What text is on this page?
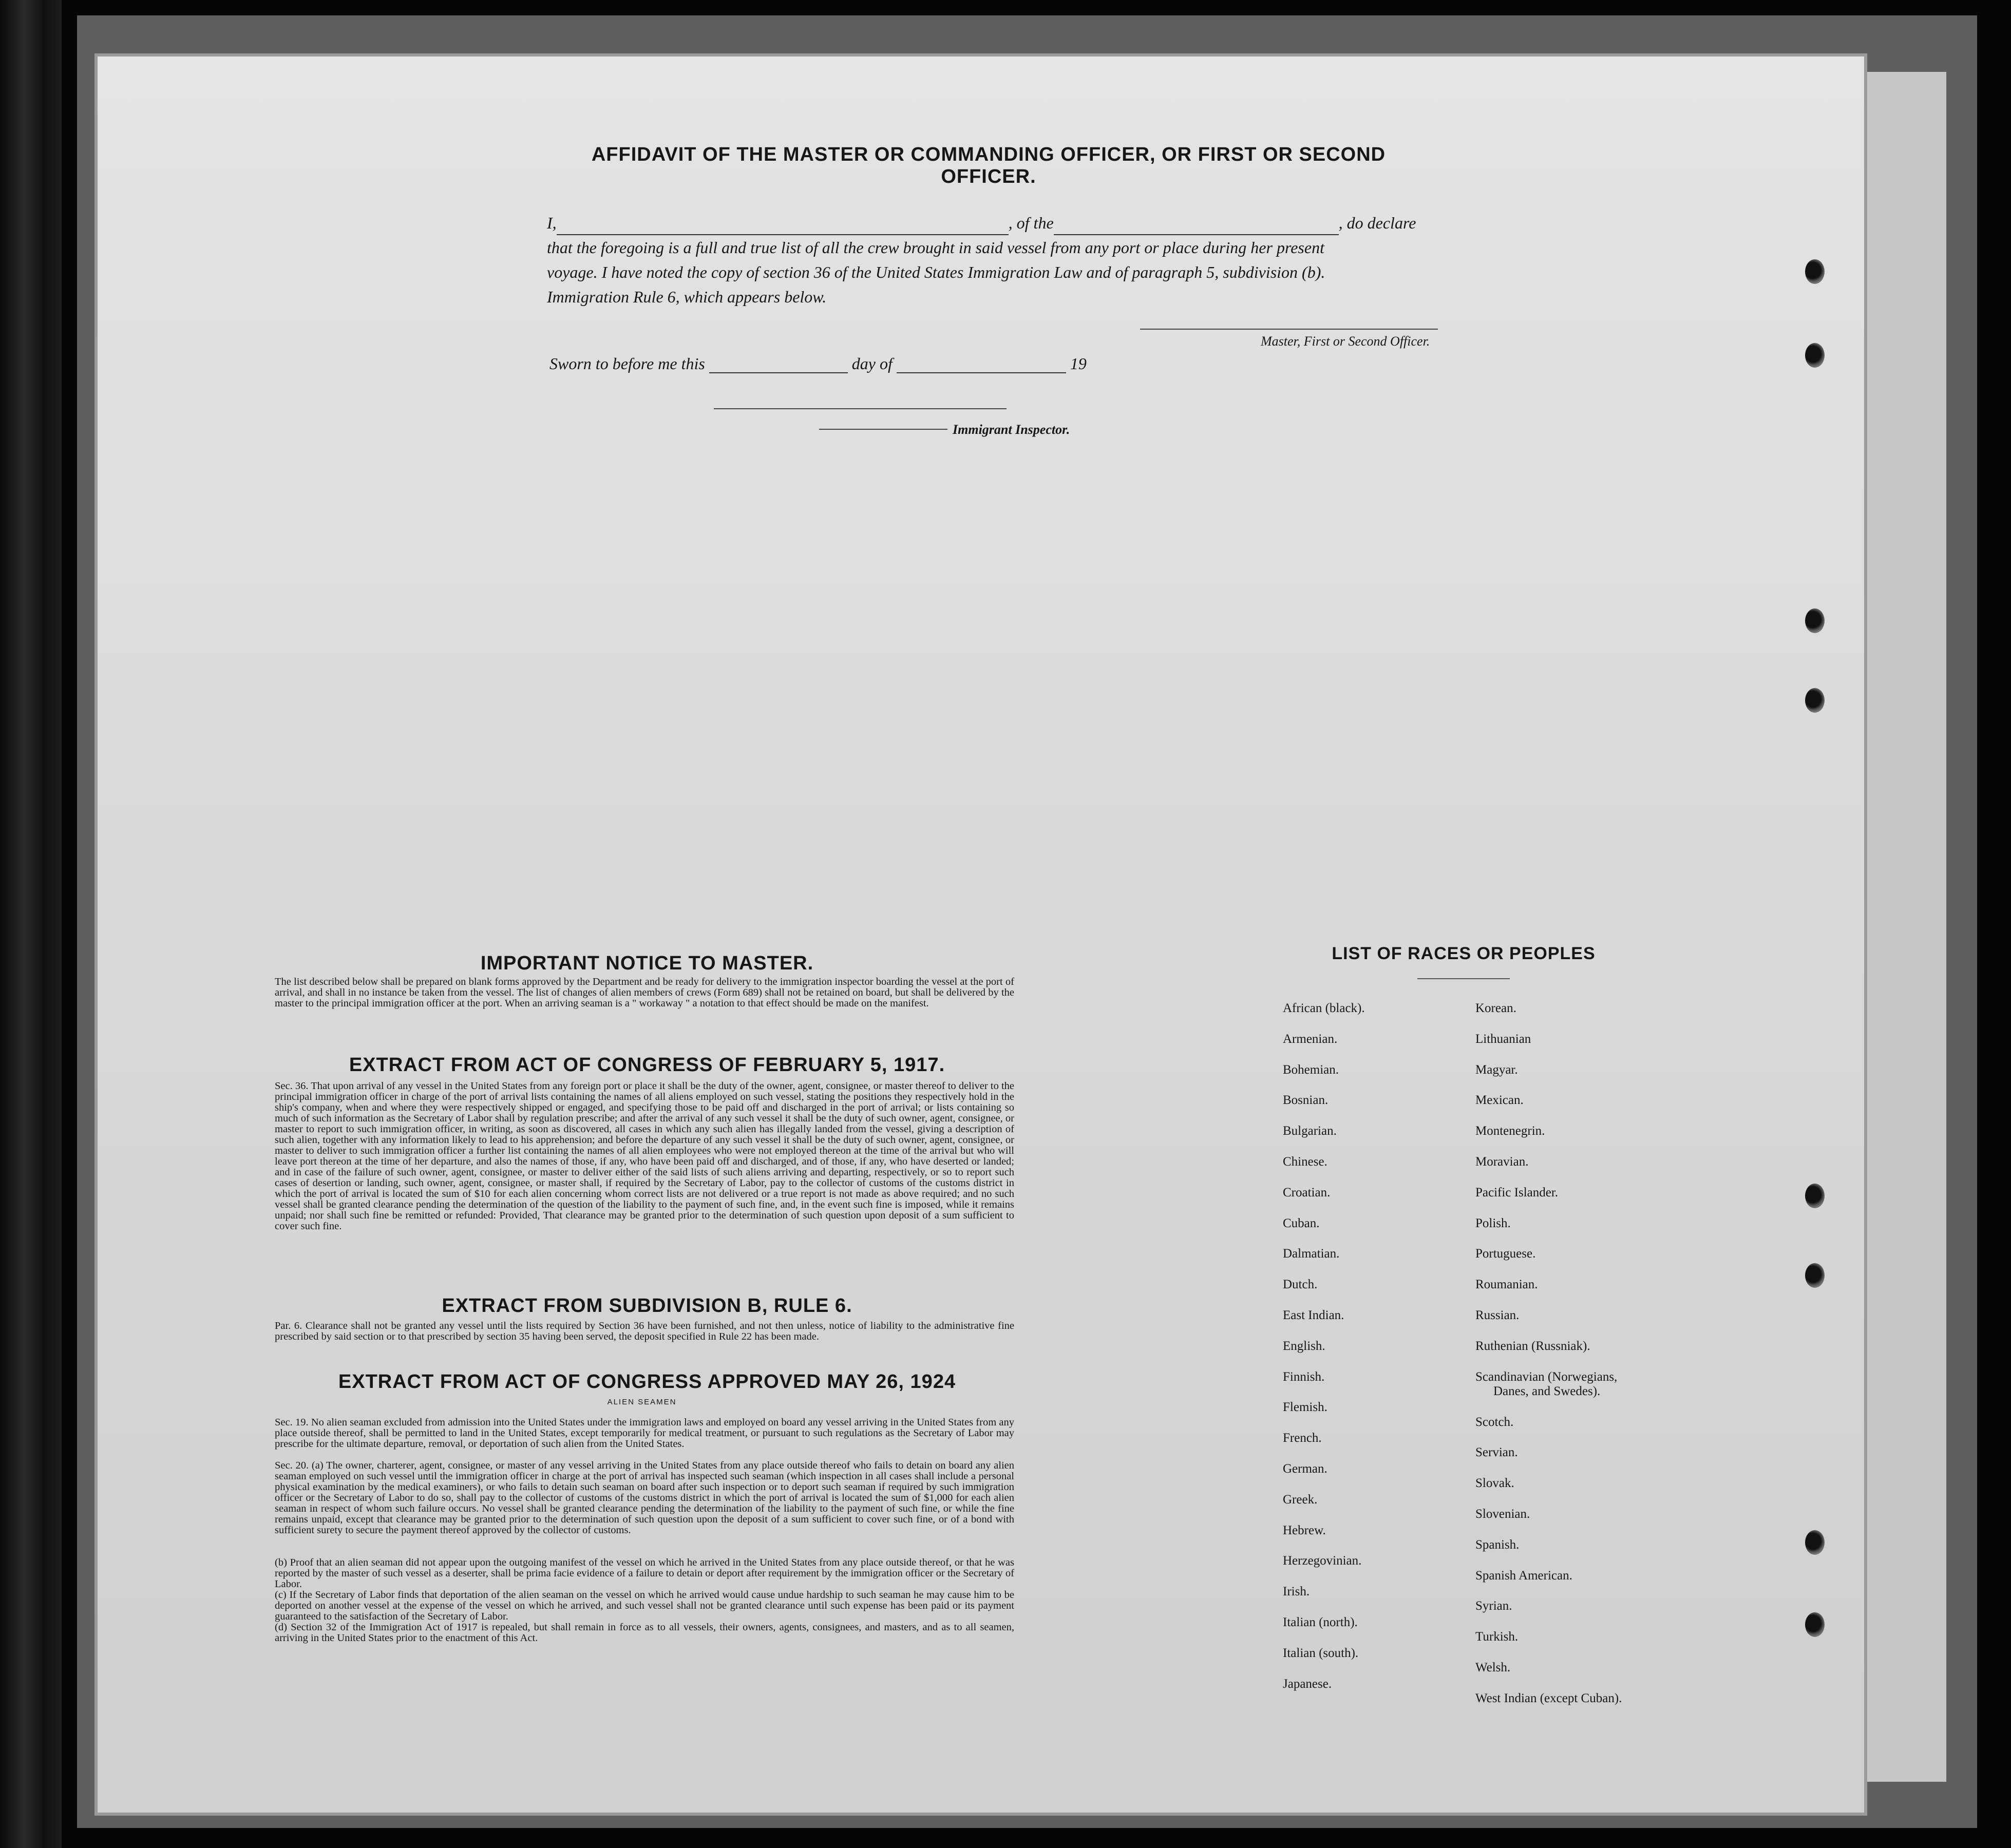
AFFIDAVIT OF THE MASTER OR COMMANDING OFFICER, OR FIRST OR SECOND OFFICER.
I,	, of the	, do declare
that the foregoing is a full and true list of all the crew brought in said vessel from any port or place during her present
voyage. I have noted the copy of section 36 of the United States Immigration Law and of paragraph 5, subdivision (b).
Immigration Rule 6, which appears below.
Master, First or Second Officer.
Sworn to before me this	day of	19
Immigrant Inspector.
IMPORTANT NOTICE TO MASTER.
The list described below shall be prepared on blank forms approved by the Department and be ready for delivery to the immigration inspector boarding the vessel at the port of arrival, and shall in no instance be taken from the vessel. The list of changes of alien members of crews (Form 689) shall not be retained on board, but shall be delivered by the master to the principal immigration officer at the port. When an arriving seaman is a " workaway " a notation to that effect should be made on the manifest.
EXTRACT FROM ACT OF CONGRESS OF FEBRUARY 5, 1917.
Sec. 36. That upon arrival of any vessel in the United States from any foreign port or place it shall be the duty of the owner, agent, consignee, or master thereof to deliver to the principal immigration officer in charge of the port of arrival lists containing the names of all aliens employed on such vessel, stating the positions they respectively hold in the ship's company, when and where they were respectively shipped or engaged, and specifying those to be paid off and discharged in the port of arrival; or lists containing so much of such information as the Secretary of Labor shall by regulation prescribe; and after the arrival of any such vessel it shall be the duty of such owner, agent, consignee, or master to report to such immigration officer, in writing, as soon as discovered, all cases in which any such alien has illegally landed from the vessel, giving a description of such alien, together with any information likely to lead to his apprehension; and before the departure of any such vessel it shall be the duty of such owner, agent, consignee, or master to deliver to such immigration officer a further list containing the names of all alien employees who were not employed thereon at the time of the arrival but who will leave port thereon at the time of her departure, and also the names of those, if any, who have been paid off and discharged, and of those, if any, who have deserted or landed; and in case of the failure of such owner, agent, consignee, or master to deliver either of the said lists of such aliens arriving and departing, respectively, or so to report such cases of desertion or landing, such owner, agent, consignee, or master shall, if required by the Secretary of Labor, pay to the collector of customs of the customs district in which the port of arrival is located the sum of $10 for each alien concerning whom correct lists are not delivered or a true report is not made as above required; and no such vessel shall be granted clearance pending the determination of the question of the liability to the payment of such fine, and, in the event such fine is imposed, while it remains unpaid; nor shall such fine be remitted or refunded: Provided, That clearance may be granted prior to the determination of such question upon deposit of a sum sufficient to cover such fine.
EXTRACT FROM SUBDIVISION B, RULE 6.
Par. 6. Clearance shall not be granted any vessel until the lists required by Section 36 have been furnished, and not then unless, notice of liability to the administrative fine prescribed by said section or to that prescribed by section 35 having been served, the deposit specified in Rule 22 has been made.
EXTRACT FROM ACT OF CONGRESS APPROVED MAY 26, 1924
ALIEN SEAMEN
Sec. 19. No alien seaman excluded from admission into the United States under the immigration laws and employed on board any vessel arriving in the United States from any place outside thereof, shall be permitted to land in the United States, except temporarily for medical treatment, or pursuant to such regulations as the Secretary of Labor may prescribe for the ultimate departure, removal, or deportation of such alien from the United States.
Sec. 20. (a) The owner, charterer, agent, consignee, or master of any vessel arriving in the United States from any place outside thereof who fails to detain on board any alien seaman employed on such vessel until the immigration officer in charge at the port of arrival has inspected such seaman (which inspection in all cases shall include a personal physical examination by the medical examiners), or who fails to detain such seaman on board after such inspection or to deport such seaman if required by such immigration officer or the Secretary of Labor to do so, shall pay to the collector of customs of the customs district in which the port of arrival is located the sum of $1,000 for each alien seaman in respect of whom such failure occurs. No vessel shall be granted clearance pending the determination of the liability to the payment of such fine, or while the fine remains unpaid, except that clearance may be granted prior to the determination of such question upon the deposit of a sum sufficient to cover such fine, or of a bond with sufficient surety to secure the payment thereof approved by the collector of customs.
(b) Proof that an alien seaman did not appear upon the outgoing manifest of the vessel on which he arrived in the United States from any place outside thereof, or that he was reported by the master of such vessel as a deserter, shall be prima facie evidence of a failure to detain or deport after requirement by the immigration officer or the Secretary of Labor.
(c) If the Secretary of Labor finds that deportation of the alien seaman on the vessel on which he arrived would cause undue hardship to such seaman he may cause him to be deported on another vessel at the expense of the vessel on which he arrived, and such vessel shall not be granted clearance until such expense has been paid or its payment guaranteed to the satisfaction of the Secretary of Labor.
(d) Section 32 of the Immigration Act of 1917 is repealed, but shall remain in force as to all vessels, their owners, agents, consignees, and masters, and as to all seamen, arriving in the United States prior to the enactment of this Act.
LIST OF RACES OR PEOPLES
African (black).
Armenian.
Bohemian.
Bosnian.
Bulgarian.
Chinese.
Croatian.
Cuban.
Dalmatian.
Dutch.
East Indian.
English.
Finnish.
Flemish.
French.
German.
Greek.
Hebrew.
Herzegovinian.
Irish.
Italian (north).
Italian (south).
Japanese.
Korean.
Lithuanian
Magyar.
Mexican.
Montenegrin.
Moravian.
Pacific Islander.
Polish.
Portuguese.
Roumanian.
Russian.
Ruthenian (Russniak).
Scandinavian (Norwegians,
Danes, and Swedes).
Scotch.
Servian.
Slovak.
Slovenian.
Spanish.
Spanish American.
Syrian.
Turkish.
Welsh.
West Indian (except Cuban).
